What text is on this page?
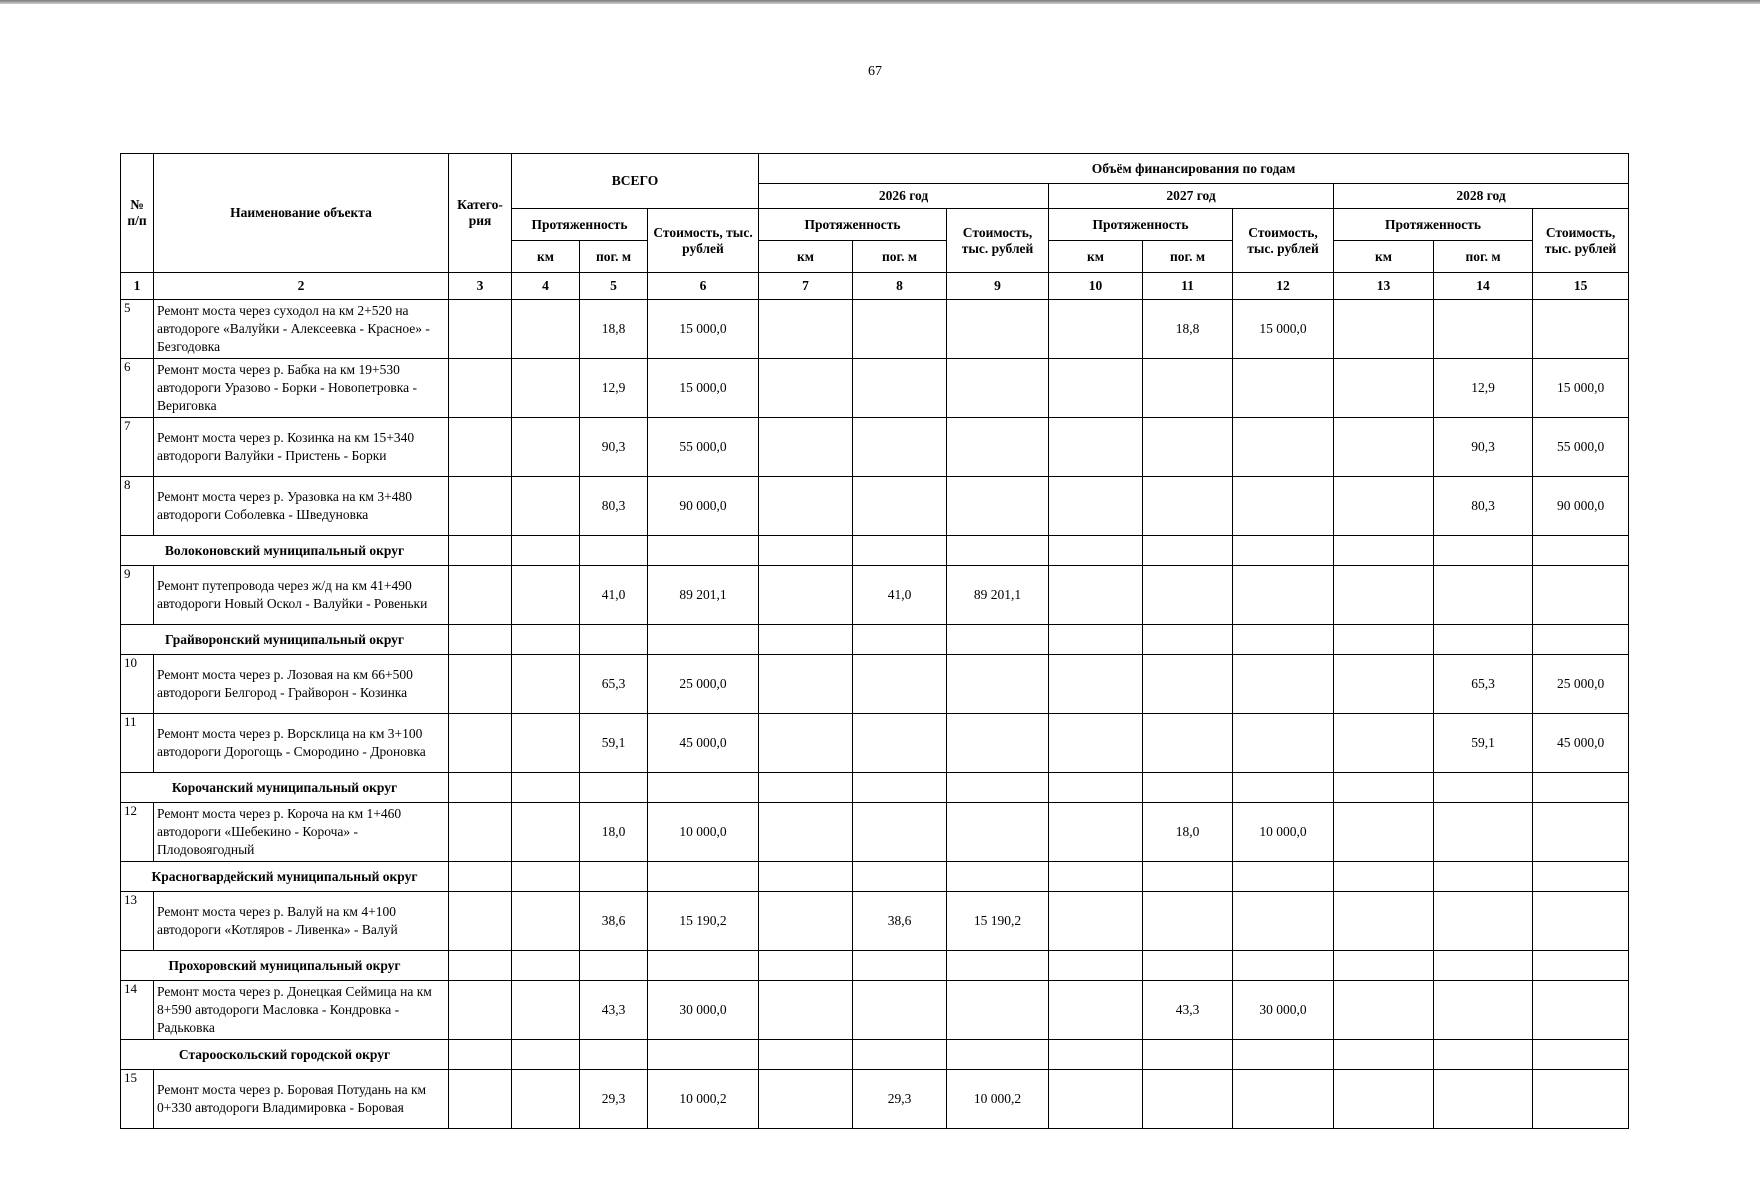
67
№ п/п	Наименование объекта	Катего-рия	ВСЕГО			Объём финансирования по годам								
						2026 год			2027 год			2028 год		
			Протяженность		Стоимость, тыс. рублей	Протяженность		Стоимость, тыс. рублей	Протяженность		Стоимость, тыс. рублей	Протяженность		Стоимость, тыс. рублей
			км	пог. м		км	пог. м		км	пог. м		км	пог. м	
1	2	3	4	5	6	7	8	9	10	11	12	13	14	15
5	Ремонт моста через суходол на км 2+520 на автодороге «Валуйки - Алексеевка - Красное» - Безгодовка			18,8	15 000,0					18,8	15 000,0			
6	Ремонт моста через р. Бабка на км 19+530 автодороги Уразово - Борки - Новопетровка - Вериговка			12,9	15 000,0								12,9	15 000,0
7	Ремонт моста через р. Козинка на км 15+340 автодороги Валуйки - Пристень - Борки			90,3	55 000,0								90,3	55 000,0
8	Ремонт моста через р. Уразовка на км 3+480 автодороги Соболевка - Шведуновка			80,3	90 000,0								80,3	90 000,0
Волоконовский муниципальный округ														
9	Ремонт путепровода через ж/д на км 41+490 автодороги Новый Оскол - Валуйки - Ровеньки			41,0	89 201,1		41,0	89 201,1						
Грайворонский муниципальный округ														
10	Ремонт моста через р. Лозовая на км 66+500 автодороги Белгород - Грайворон - Козинка			65,3	25 000,0								65,3	25 000,0
11	Ремонт моста через р. Ворсклица на км 3+100 автодороги Дорогощь - Смородино - Дроновка			59,1	45 000,0								59,1	45 000,0
Корочанский муниципальный округ														
12	Ремонт моста через р. Короча на км 1+460 автодороги «Шебекино - Короча» - Плодовоягодный			18,0	10 000,0					18,0	10 000,0			
Красногвардейский муниципальный округ														
13	Ремонт моста через р. Валуй на км 4+100 автодороги «Котляров - Ливенка» - Валуй			38,6	15 190,2		38,6	15 190,2						
Прохоровский муниципальный округ														
14	Ремонт моста через р. Донецкая Сеймица на км 8+590 автодороги Масловка - Кондровка - Радьковка			43,3	30 000,0					43,3	30 000,0			
Старооскольский городской округ														
15	Ремонт моста через р. Боровая Потудань на км 0+330 автодороги Владимировка - Боровая			29,3	10 000,2		29,3	10 000,2						
